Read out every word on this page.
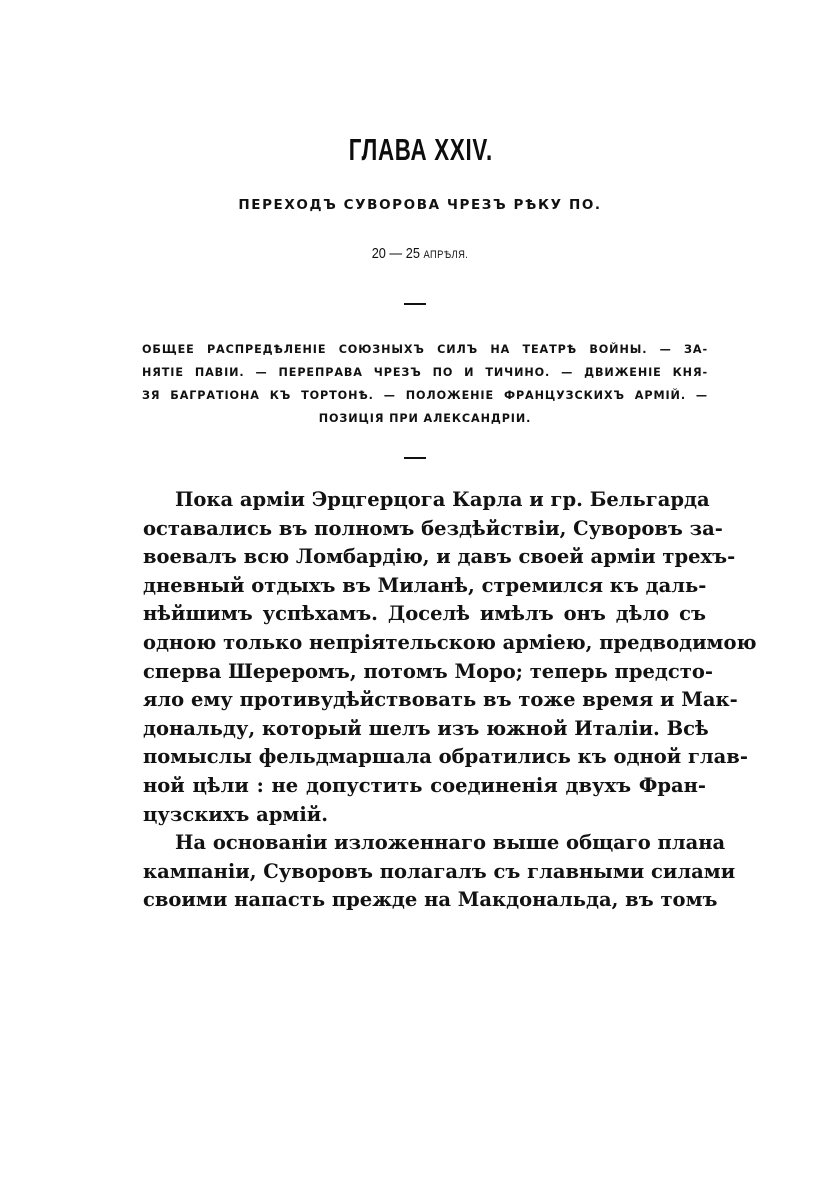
ГЛАВА XXIV.
ПЕРЕХОДЪ СУВОРОВА ЧРЕЗЪ РѢКУ ПО.
20 — 25 АПРѢЛЯ.
ОБЩЕЕ РАСПРЕДѢЛЕНІЕ СОЮЗНЫХЪ СИЛЪ НА ТЕАТРѢ ВОЙНЫ. — ЗА-
НЯТІЕ ПАВІИ. — ПЕРЕПРАВА ЧРЕЗЪ ПО И ТИЧИНО. — ДВИЖЕНІЕ КНЯ-
ЗЯ БАГРАТІОНА КЪ ТОРТОНѢ. — ПОЛОЖЕНІЕ ФРАНЦУЗСКИХЪ АРМІЙ. —
ПОЗИЦІЯ ПРИ АЛЕКСАНДРІИ.
Пока арміи Эрцгерцога Карла и гр. Бельгарда
оставались въ полномъ бездѣйствіи, Суворовъ за-
воевалъ всю Ломбардію, и давъ своей арміи трехъ-
дневный отдыхъ въ Миланѣ, стремился къ даль-
нѣйшимъ успѣхамъ. Доселѣ имѣлъ онъ дѣло съ
одною только непріятельскою арміею, предводимою
сперва Шереромъ, потомъ Моро; теперь предсто-
яло ему противудѣйствовать въ тоже время и Мак-
дональду, который шелъ изъ южной Италіи. Всѣ
помыслы фельдмаршала обратились къ одной глав-
ной цѣли : не допустить соединенія двухъ Фран-
цузскихъ армій.
На основаніи изложеннаго выше общаго плана
кампаніи, Суворовъ полагалъ съ главными силами
своими напасть прежде на Макдональда, въ томъ
